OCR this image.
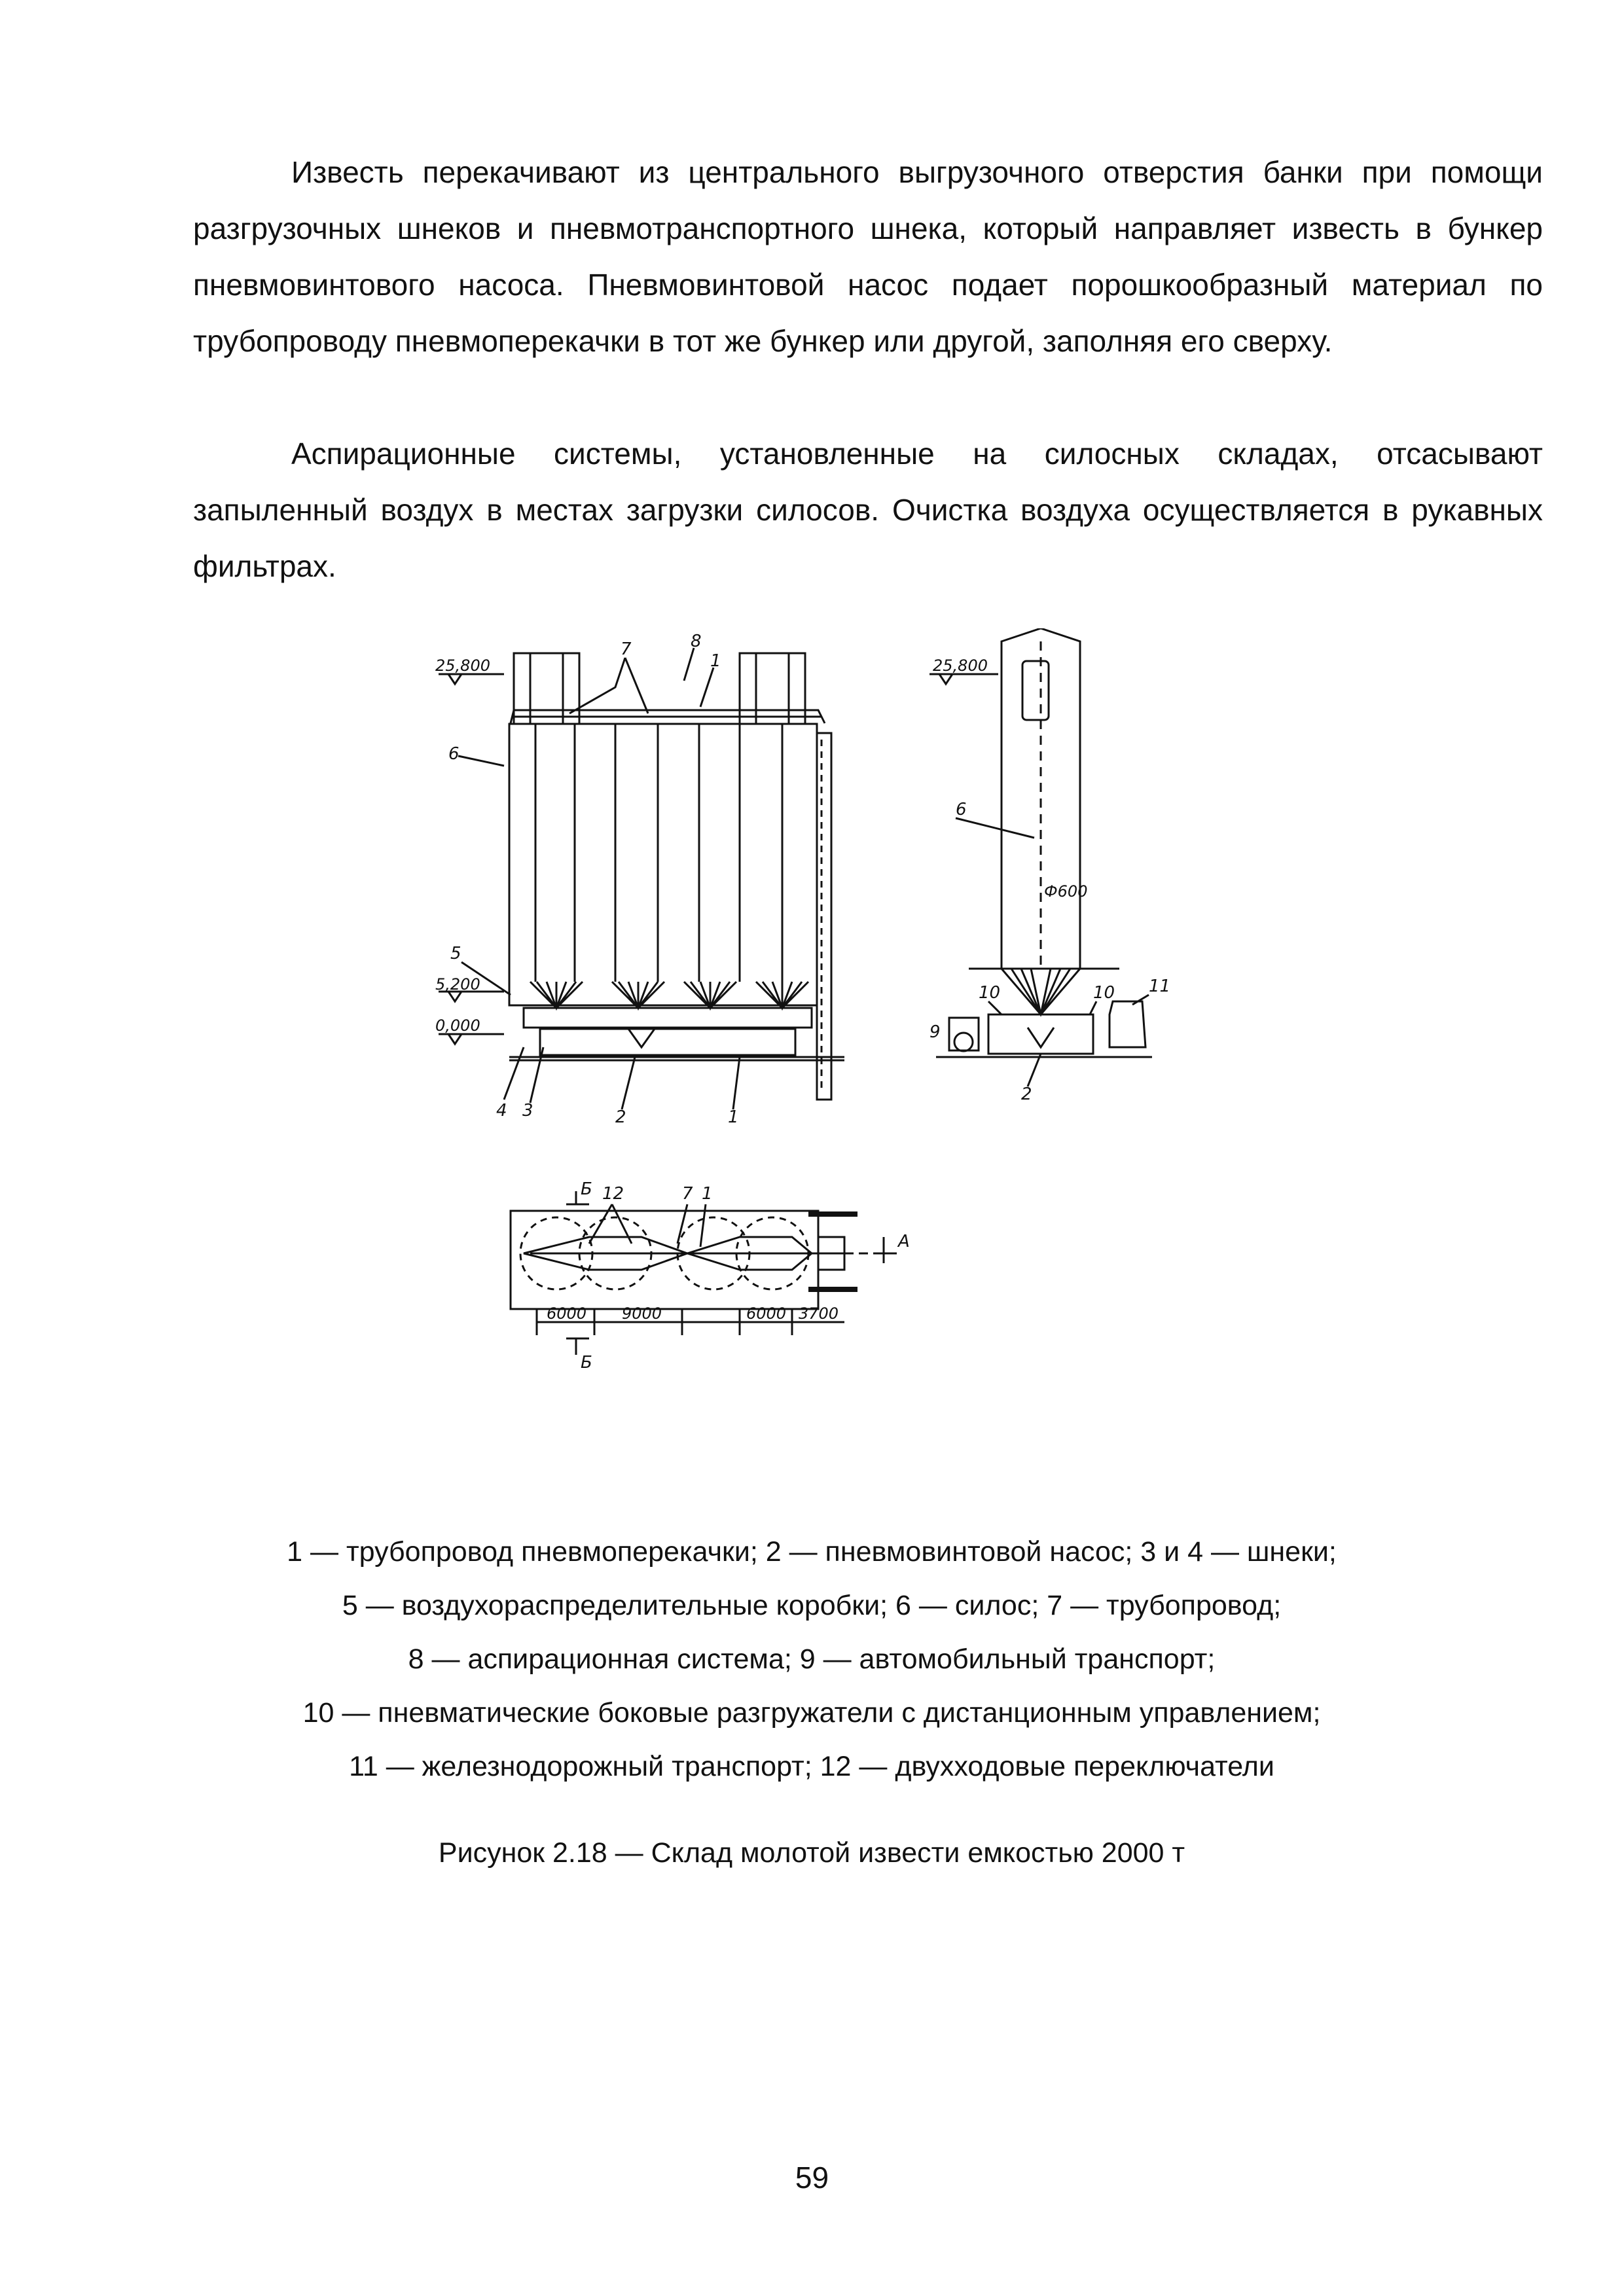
Известь перекачивают из центрального выгрузочного отверстия банки при помощи разгрузочных шнеков и пневмотранспортного шнека, который направляет известь в бункер пневмовинтового насоса. Пневмовинтовой насос подает порошкообразный материал по трубопроводу пневмоперекачки в тот же бункер или другой, заполняя его сверху.

Аспирационные системы, установленные на силосных складах, отсасывают запыленный воздух в местах загрузки силосов. Очистка воздуха осуществляется в рукавных фильтрах.

25,800
5,200
0,000
7	8
1
6
5
4 3	2	1
25,800
Ф600
6
10	10 11
9
2
12	7 1
Б
Б
А
6000 9000	6000 3700
1 — трубопровод пневмоперекачки; 2 — пневмовинтовой насос; 3 и 4 — шнеки;
5 — воздухораспределительные коробки; 6 — силос; 7 — трубопровод;
8 — аспирационная система; 9 — автомобильный транспорт;
10 — пневматические боковые разгружатели с дистанционным управлением;
11 — железнодорожный транспорт; 12 — двухходовые переключатели

Рисунок 2.18 — Склад молотой извести емкостью 2000 т

59
